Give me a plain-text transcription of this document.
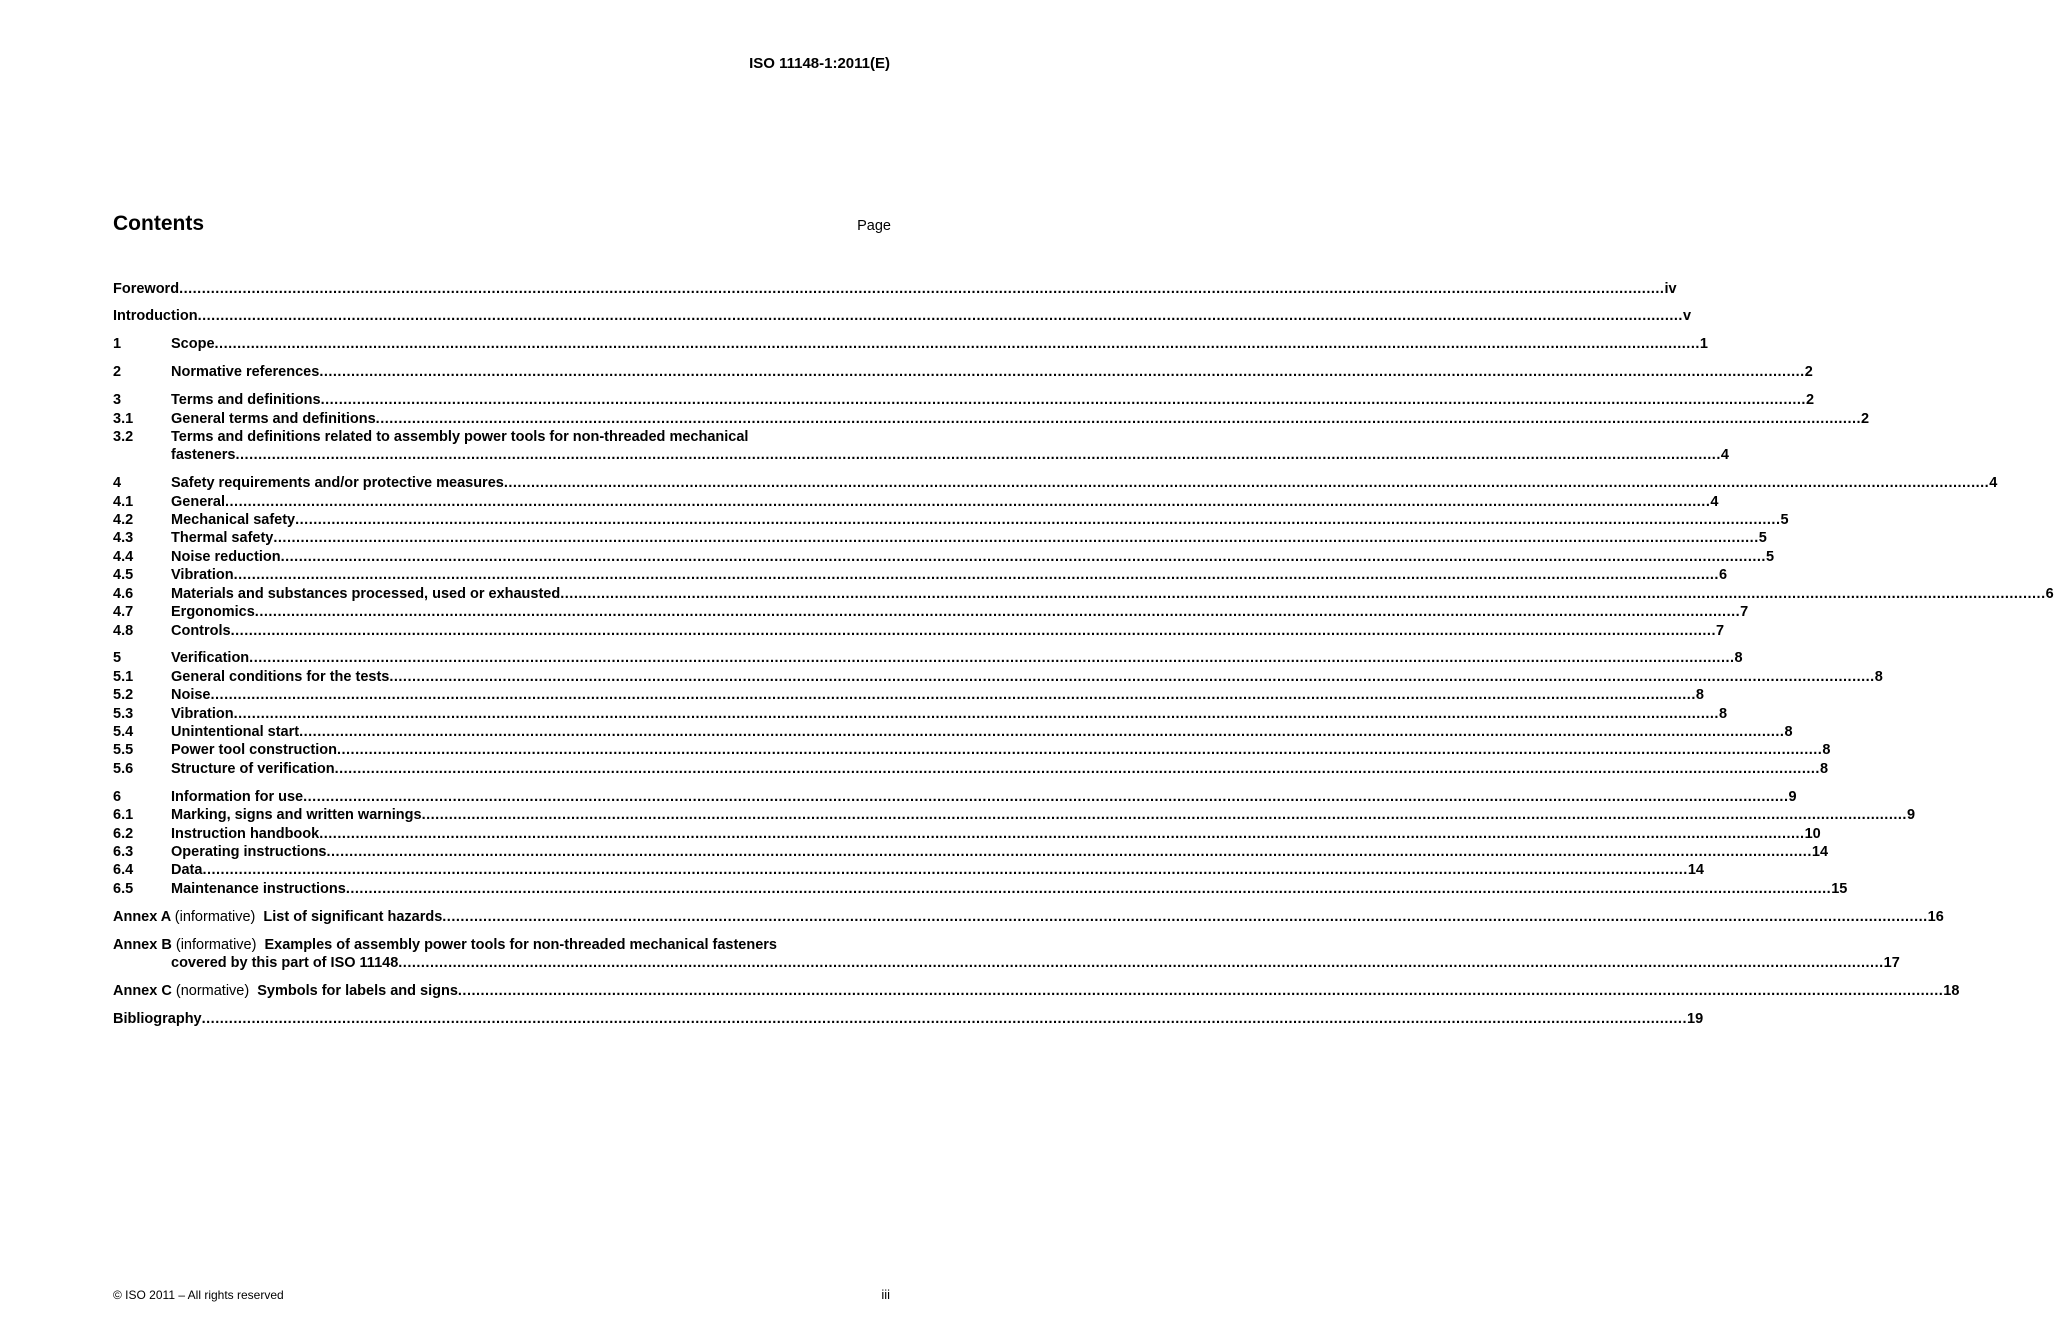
ISO 11148-1:2011(E)
Contents	Page
Foreword ........................................................................................................................................................................................................................................................................................................................................ iv
Introduction ........................................................................................................................................................................................................................................................................................................................................ v
1	Scope ........................................................................................................................................................................................................................................................................................................................................ 1
2	Normative references ........................................................................................................................................................................................................................................................................................................................................ 2
3	Terms and definitions ........................................................................................................................................................................................................................................................................................................................................ 2
3.1	General terms and definitions ........................................................................................................................................................................................................................................................................................................................................ 2
3.2	Terms and definitions related to assembly power tools for non-threaded mechanical
fasteners ........................................................................................................................................................................................................................................................................................................................................ 4
4	Safety requirements and/or protective measures ........................................................................................................................................................................................................................................................................................................................................ 4
4.1	General ........................................................................................................................................................................................................................................................................................................................................ 4
4.2	Mechanical safety ........................................................................................................................................................................................................................................................................................................................................ 5
4.3	Thermal safety ........................................................................................................................................................................................................................................................................................................................................ 5
4.4	Noise reduction ........................................................................................................................................................................................................................................................................................................................................ 5
4.5	Vibration ........................................................................................................................................................................................................................................................................................................................................ 6
4.6	Materials and substances processed, used or exhausted ........................................................................................................................................................................................................................................................................................................................................ 6
4.7	Ergonomics ........................................................................................................................................................................................................................................................................................................................................ 7
4.8	Controls ........................................................................................................................................................................................................................................................................................................................................ 7
5	Verification ........................................................................................................................................................................................................................................................................................................................................ 8
5.1	General conditions for the tests ........................................................................................................................................................................................................................................................................................................................................ 8
5.2	Noise ........................................................................................................................................................................................................................................................................................................................................ 8
5.3	Vibration ........................................................................................................................................................................................................................................................................................................................................ 8
5.4	Unintentional start ........................................................................................................................................................................................................................................................................................................................................ 8
5.5	Power tool construction ........................................................................................................................................................................................................................................................................................................................................ 8
5.6	Structure of verification ........................................................................................................................................................................................................................................................................................................................................ 8
6	Information for use ........................................................................................................................................................................................................................................................................................................................................ 9
6.1	Marking, signs and written warnings ........................................................................................................................................................................................................................................................................................................................................ 9
6.2	Instruction handbook ........................................................................................................................................................................................................................................................................................................................................ 10
6.3	Operating instructions ........................................................................................................................................................................................................................................................................................................................................ 14
6.4	Data ........................................................................................................................................................................................................................................................................................................................................ 14
6.5	Maintenance instructions ........................................................................................................................................................................................................................................................................................................................................ 15
Annex A (informative) List of significant hazards ........................................................................................................................................................................................................................................................................................................................................ 16
Annex B (informative) Examples of assembly power tools for non-threaded mechanical fasteners
covered by this part of ISO 11148 ........................................................................................................................................................................................................................................................................................................................................ 17
Annex C (normative) Symbols for labels and signs ........................................................................................................................................................................................................................................................................................................................................ 18
Bibliography ........................................................................................................................................................................................................................................................................................................................................ 19
© ISO 2011 – All rights reserved	iii
